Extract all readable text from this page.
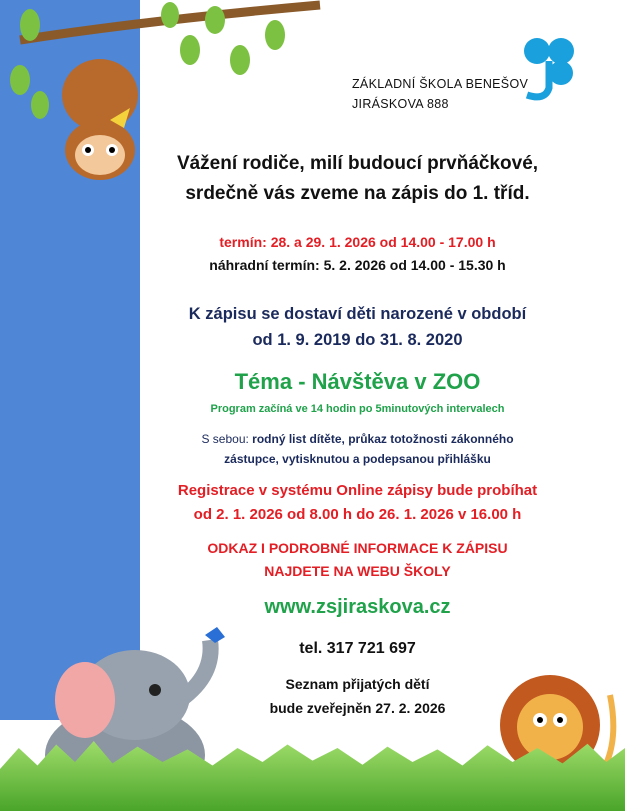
ZÁKLADNÍ ŠKOLA BENEŠOV
JIRÁSKOVA 888
Vážení rodiče, milí budoucí prvňáčkové,
srdečně vás zveme na zápis do 1. tříd.
termín: 28. a 29. 1. 2026 od 14.00 - 17.00 h
náhradní termín: 5. 2. 2026 od 14.00 - 15.30 h
K zápisu se dostaví děti narozené v období
od 1. 9. 2019 do 31. 8. 2020
Téma - Návštěva v ZOO
Program začíná ve 14 hodin po 5minutových intervalech
S sebou: rodný list dítěte, průkaz totožnosti zákonného
zástupce, vytisknutou a podepsanou přihlášku
Registrace v systému Online zápisy bude probíhat
od 2. 1. 2026 od 8.00 h do 26. 1. 2026 v 16.00 h
ODKAZ I PODROBNÉ INFORMACE K ZÁPISU
NAJDETE NA WEBU ŠKOLY
www.zsjiraskova.cz
tel. 317 721 697
Seznam přijatých dětí
bude zveřejněn 27. 2. 2026
